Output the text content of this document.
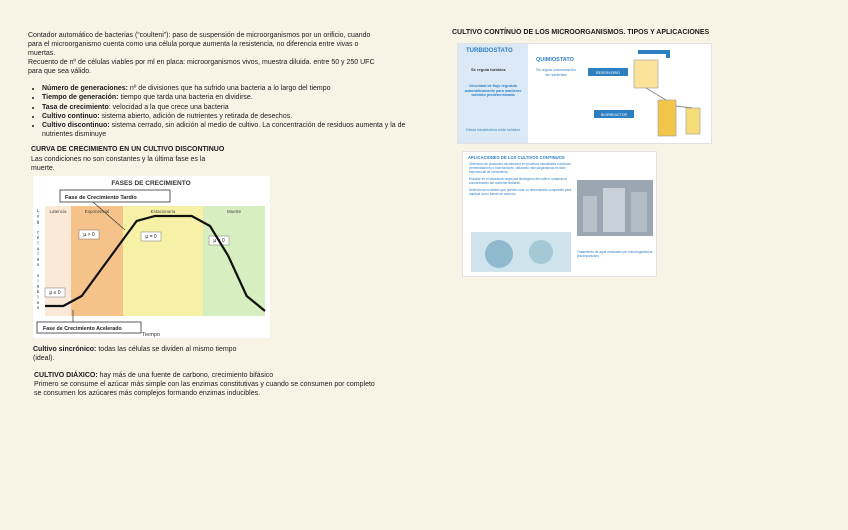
Contador automático de bacterias (“coulteni”): paso de suspensión de microorganismos por un orificio, cuando
para el microorganismo cuenta como una célula porque aumenta la resistencia, no diferencia entre vivas o
muertas.
Recuento de nº de células viables por ml en placa: microorganismos vivos, muestra diluida. entre 50 y 250 UFC
para que sea válido.
• Número de generaciones: nº de divisiones que ha sufrido una bacteria a lo largo del tiempo
• Tiempo de generación: tiempo que tarda una bacteria en dividirse.
• Tasa de crecimiento: velocidad a la que crece una bacteria
• Cultivo continuo: sistema abierto, adición de nutrientes y retirada de desechos.
• Cultivo discontinuo: sistema cerrado, sin adición al medio de cultivo. La concentración de residuos aumenta y la de nutrientes disminuye
CURVA DE CRECIMIENTO EN UN CULTIVO DISCONTINUO
Las condiciones no son constantes y la última fase es la
muerte.
FASES DE CRECIMIENTO
Latencia	Exponencial	Estacionaria	Muerte
µ ≤ 0
µ > 0	µ = 0
µ < 0
L
o
g
c
é
l
u
l
a
s
v
i
a
b
l
e
s
Tiempo
Fase de Crecimiento Tardío
Fase de Crecimiento Acelerado
Cultivo sincrónico: todas las células se dividen al mismo tiempo
(ideal).
CULTIVO DIÁXICO: hay más de una fuente de carbono, crecimiento bifásico
Primero se consume el azúcar más simple con las enzimas constitutivas y cuando se consumen por completo
se consumen los azúcares más complejos formando enzimas inducibles.
CULTIVO CONTÍNUO DE LOS MICROORGANISMOS. TIPOS Y APLICACIONES
TURBIDOSTATO
Se regula turbidez
Velocidad de flujo regulada automáticamente para mantener turbidez predeterminada
Célula fotoeléctrica mide turbidez
QUIMIOSTATO
Se regula concentración de nutrientes	RESERVORIO
BIORREACTOR
APLICACIONES DE LOS CULTIVOS CONTINUOS
Obtención de productos microbianos en procesos industriales continuos (fermentadores) o biorreactores, utilizando microorganismos en fase exponencial de crecimiento.
Estudiar en el laboratorio aspectos fisiológicos del cultivo, variando la concentración del nutriente limitante.
Seleccionar mutantes que pueden usar un determinado compuesto para habitual como fuente de carbono.
Tratamiento de agua residuales por microorganismos (biodepuración).
